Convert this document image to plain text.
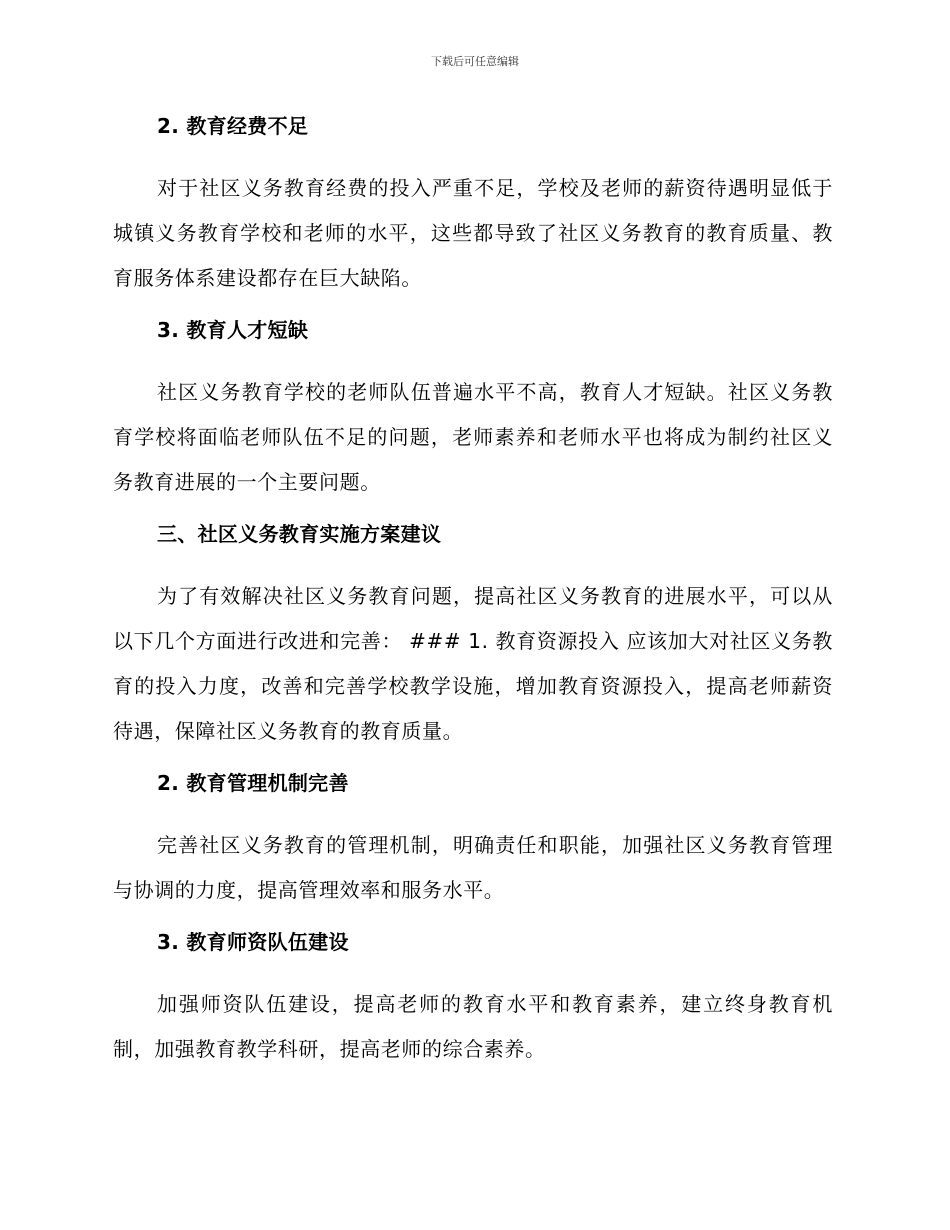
下载后可任意编辑
2. 教育经费不足
对于社区义务教育经费的投入严重不足，学校及老师的薪资待遇明显低于城镇义务教育学校和老师的水平，这些都导致了社区义务教育的教育质量、教育服务体系建设都存在巨大缺陷。
3. 教育人才短缺
社区义务教育学校的老师队伍普遍水平不高，教育人才短缺。社区义务教育学校将面临老师队伍不足的问题，老师素养和老师水平也将成为制约社区义务教育进展的一个主要问题。
三、社区义务教育实施方案建议
为了有效解决社区义务教育问题，提高社区义务教育的进展水平，可以从以下几个方面进行改进和完善： ### 1. 教育资源投入 应该加大对社区义务教育的投入力度，改善和完善学校教学设施，增加教育资源投入，提高老师薪资待遇，保障社区义务教育的教育质量。
2. 教育管理机制完善
完善社区义务教育的管理机制，明确责任和职能，加强社区义务教育管理与协调的力度，提高管理效率和服务水平。
3. 教育师资队伍建设
加强师资队伍建设，提高老师的教育水平和教育素养，建立终身教育机制，加强教育教学科研，提高老师的综合素养。
